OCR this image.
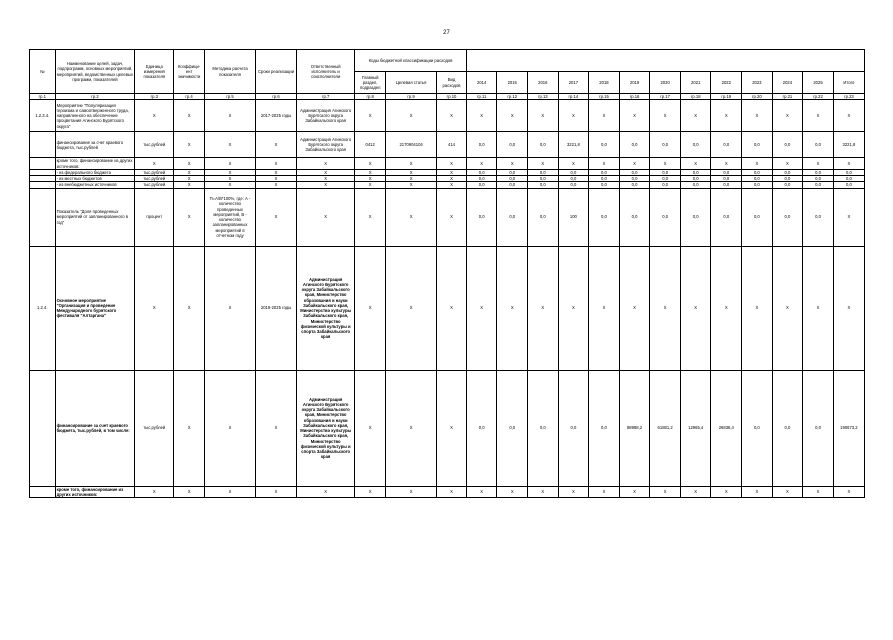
27
№	Наименование целей, задач, подпрограмм, основных мероприятий, мероприятий, ведомственных целевых программ, показателей	Единица измерения показателя	Коэффици-ент значимости	Методика расчета показателя	Сроки реализации	Ответственный исполнитель и соисполнители	Коды бюджетной классификации расходов															
							Главный раздел, подраздел	Целевая статья	Вид расходов	2014	2015	2016	2017	2018	2019	2020	2021	2022	2023	2024	2025	Итого
гр.1	гр.2	гр.3	гр.4	гр.5	гр.6	гр.7	гр.8	гр.9	гр.10	гр.11	гр.12	гр.13	гр.14	гр.15	гр.16	гр.17	гр.18	гр.19	гр.20	гр.21	гр.22	гр.23
1.2.3.4.	Мероприятие "Популяризация героизма и самоотверженного труда, направленного на обеспечение процветания Агинского Бурятского округа"	Х	Х	Х	2017-2025 годы	Администрация Агинского Бурятского округа Забайкальского края	Х	Х	Х	Х	Х	Х	Х	Х	Х	Х	Х	Х	Х	Х	Х	Х
	финансирование за счет краевого бюджета, тыс.рублей	тыс.рублей	Х	Х	Х	Администрация Агинского Бурятского округа Забайкальского края	0412	2170904104	414	0,0	0,0	0,0	3221,8	0,0	0,0	0,0	0,0	0,0	0,0	0,0	0,0	3221,8
	кроме того, финансирование из других источников:	Х	Х	Х	Х	Х	Х	Х	Х	Х	Х	Х	Х	Х	Х	Х	Х	Х	Х	Х	Х	Х
	- из федерального бюджета	тыс.рублей	Х	Х	Х	Х	Х	Х	Х	0,0	0,0	0,0	0,0	0,0	0,0	0,0	0,0	0,0	0,0	0,0	0,0	0,0
	- из местных бюджетов	тыс.рублей	Х	Х	Х	Х	Х	Х	Х	0,0	0,0	0,0	0,0	0,0	0,0	0,0	0,0	0,0	0,0	0,0	0,0	0,0
	- из внебюджетных источников	тыс.рублей	Х	Х	Х	Х	Х	Х	Х	0,0	0,0	0,0	0,0	0,0	0,0	0,0	0,0	0,0	0,0	0,0	0,0	0,0
	Показатель "Доля проведенных мероприятий от запланированного в год"	процент	Х	П=А/В*100%, где: А - количество проведенных мероприятий, В - количество запланированных мероприятий в отчетном году	Х	Х	Х	Х	Х	0,0	0,0	0,0	100	0,0	0,0	0,0	0,0	0,0	0,0	0,0	0,0	Х
1.2.4.	Основное мероприятие "Организация и проведение Международного бурятского фестиваля "Алтаргана"	Х	Х	Х	2019-2025 годы	Администрация Агинского Бурятского округа Забайкальского края, Министерство образования и науки Забайкальского края, Министерство культуры Забайкальского края, Министерство физической культуры и спорта Забайкальского края	Х	Х	Х	Х	Х	Х	Х	Х	Х	Х	Х	Х	Х	Х	Х	Х
	финансирование за счет краевого бюджета, тыс.рублей, в том числе:	тыс.рублей	Х	Х	Х	Администрация Агинского Бурятского округа Забайкальского края, Министерство образования и науки Забайкальского края, Министерство культуры Забайкальского края, Министерство физической культуры и спорта Забайкальского края	Х	Х	Х	0,0	0,0	0,0	0,0	0,0	88988,2	61881,2	12965,4	26838,4	0,0	0,0	0,0	190673,2
	кроме того, финансирование из других источников:	Х	Х	Х	Х	Х	Х	Х	Х	Х	Х	Х	Х	Х	Х	Х	Х	Х	Х	Х	Х	Х
